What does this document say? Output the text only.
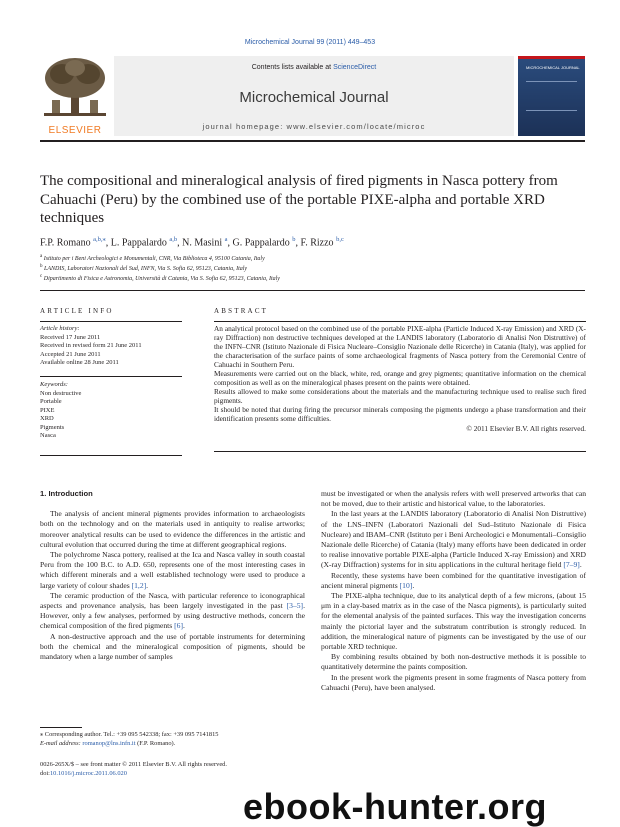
Microchemical Journal 99 (2011) 449–453
ELSEVIER
Contents lists available at ScienceDirect
Microchemical Journal
journal homepage: www.elsevier.com/locate/microc
MICROCHEMICAL JOURNAL
The compositional and mineralogical analysis of fired pigments in Nasca pottery from Cahuachi (Peru) by the combined use of the portable PIXE-alpha and portable XRD techniques
F.P. Romano $^{a,b,⁎}$, L. Pappalardo $^{a,b}$, N. Masini $^a$, G. Pappalardo $^b$, F. Rizzo $^{b,c}$
$^a$ Istituto per i Beni Archeologici e Monumentali, CNR, Via Biblioteca 4, 95100 Catania, Italy
$^b$ LANDIS, Laboratori Nazionali del Sud, INFN, Via S. Sofia 62, 95123, Catania, Italy
$^c$ Dipartimento di Fisica e Astronomia, Università di Catania, Via S. Sofia 62, 95123, Catania, Italy
ARTICLE INFO	ABSTRACT
Article history:
Received 17 June 2011
Received in revised form 21 June 2011
Accepted 21 June 2011
Available online 28 June 2011
Keywords:
Non destructive
Portable
PIXE
XRD
Pigments
Nasca

An analytical protocol based on the combined use of the portable PIXE-alpha (Particle Induced X-ray Emission) and XRD (X-ray Diffraction) non destructive techniques developed at the LANDIS laboratory (Laboratorio di Analisi Non Distruttive) of the INFN–CNR (Istituto Nazionale di Fisica Nucleare–Consiglio Nazionale delle Ricerche) in Catania (Italy), was applied for the characterisation of the surface paints of some archaeological fragments of Nasca pottery from the Ceremonial Centre of Cahuachi in Southern Peru.

Measurements were carried out on the black, white, red, orange and grey pigments; quantitative information on the chemical composition as well as on the mineralogical phases present on the paints were obtained.

Results allowed to make some considerations about the materials and the manufacturing technique used to realise such fired pigments.

It should be noted that during firing the precursor minerals composing the pigments undergo a phase transformation and their identification presents some difficulties.

© 2011 Elsevier B.V. All rights reserved.

1. Introduction

The analysis of ancient mineral pigments provides information to archaeologists both on the technology and on the materials used in antiquity to realise artworks; moreover analytical results can be used to evidence the differences in the artistic and cultural evolution that occurred during the time at different geographical regions.

The polychrome Nasca pottery, realised at the Ica and Nasca valley in south coastal Peru from the 100 B.C. to A.D. 650, represents one of the most interesting cases in which different minerals and a well established technology were used to produce a large variety of colour shades [1,2].

The ceramic production of the Nasca, with particular reference to iconographical aspects and provenance analysis, has been largely investigated in the past [3–5]. However, only a few analyses, performed by using destructive methods, concern the chemical composition of the fired pigments [6].

A non-destructive approach and the use of portable instruments for determining both the chemical and the mineralogical composition of pigments, should be mandatory when a large number of samples

must be investigated or when the analysis refers with well preserved artworks that can not be moved, due to their artistic and historical value, to the laboratories.

In the last years at the LANDIS laboratory (Laboratorio di Analisi Non Distruttive) of the LNS–INFN (Laboratori Nazionali del Sud–Istituto Nazionale di Fisica Nucleare) and IBAM–CNR (Istituto per i Beni Archeologici e Monumentali–Consiglio Nazionale delle Ricerche) of Catania (Italy) many efforts have been dedicated in order to realise innovative portable PIXE-alpha (Particle Induced X-ray Emission) and XRD (X-ray Diffraction) systems for in situ applications in the cultural heritage field [7–9].

Recently, these systems have been combined for the quantitative investigation of ancient mineral pigments [10].

The PIXE-alpha technique, due to its analytical depth of a few microns, (about 15 μm in a clay-based matrix as in the case of the Nasca pigments), is particularly suited for the elemental analysis of the painted surfaces. This way the investigation concerns mainly the pictorial layer and the substratum contribution is strongly reduced. In addition, the mineralogical nature of pigments can be investigated by the use of our portable XRD technique.

By combining results obtained by both non-destructive methods it is possible to quantitatively determine the paints composition.

In the present work the pigments present in some fragments of Nasca pottery from Cahuachi (Peru), have been analysed.

⁎ Corresponding author. Tel.: +39 095 542338; fax: +39 095 7141815
E-mail address: romanop@lns.infn.it (F.P. Romano).
0026-265X/$ – see front matter © 2011 Elsevier B.V. All rights reserved.
doi:10.1016/j.microc.2011.06.020
ebook-hunter.org
